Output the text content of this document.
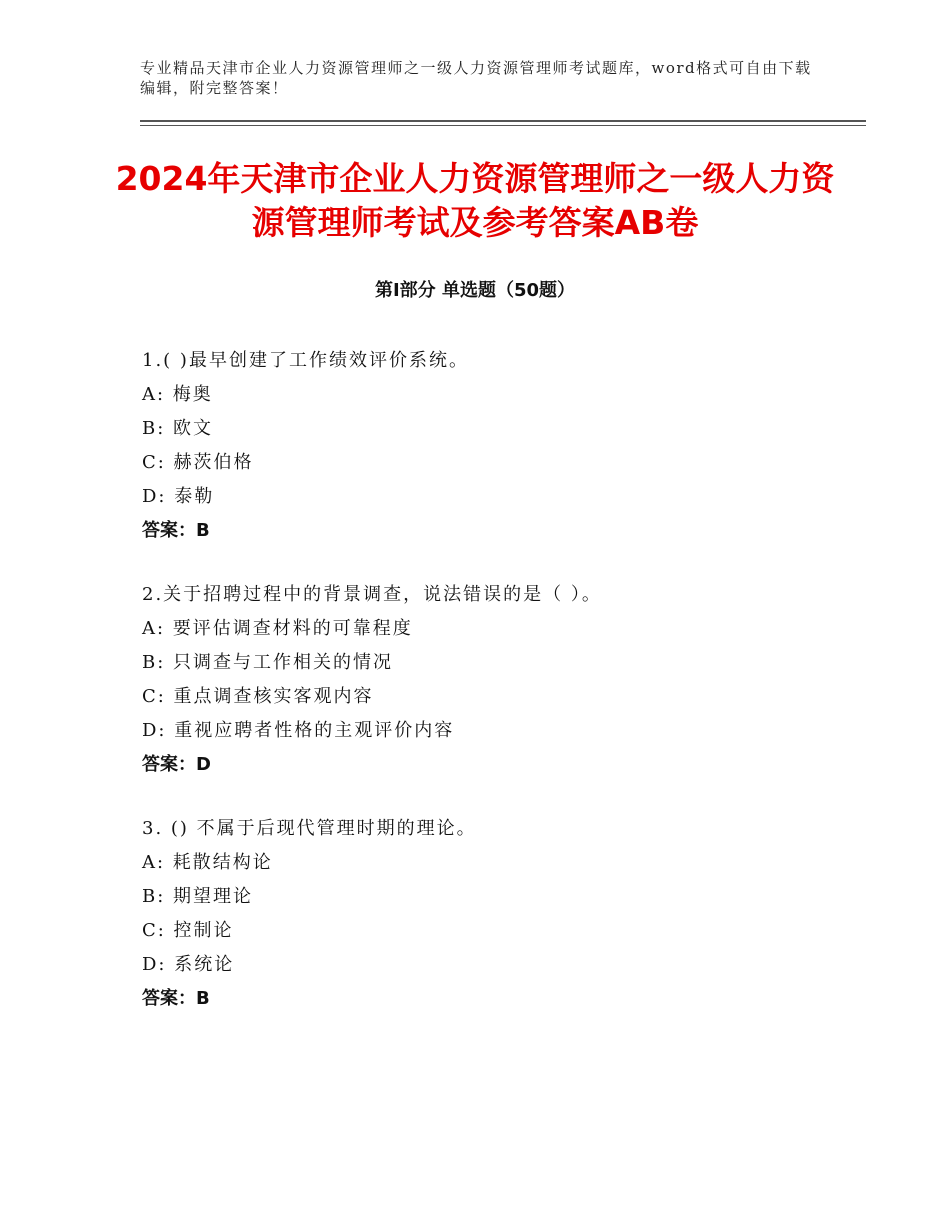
专业精品天津市企业人力资源管理师之一级人力资源管理师考试题库，word格式可自由下载编辑，附完整答案！
2024年天津市企业人力资源管理师之一级人力资源管理师考试及参考答案AB卷
第I部分 单选题（50题）
1.( )最早创建了工作绩效评价系统。
A: 梅奥
B: 欧文
C: 赫茨伯格
D: 泰勒
答案：B
2.关于招聘过程中的背景调查，说法错误的是（ ）。
A: 要评估调查材料的可靠程度
B: 只调查与工作相关的情况
C: 重点调查核实客观内容
D: 重视应聘者性格的主观评价内容
答案：D
3. () 不属于后现代管理时期的理论。
A: 耗散结构论
B: 期望理论
C: 控制论
D: 系统论
答案：B
